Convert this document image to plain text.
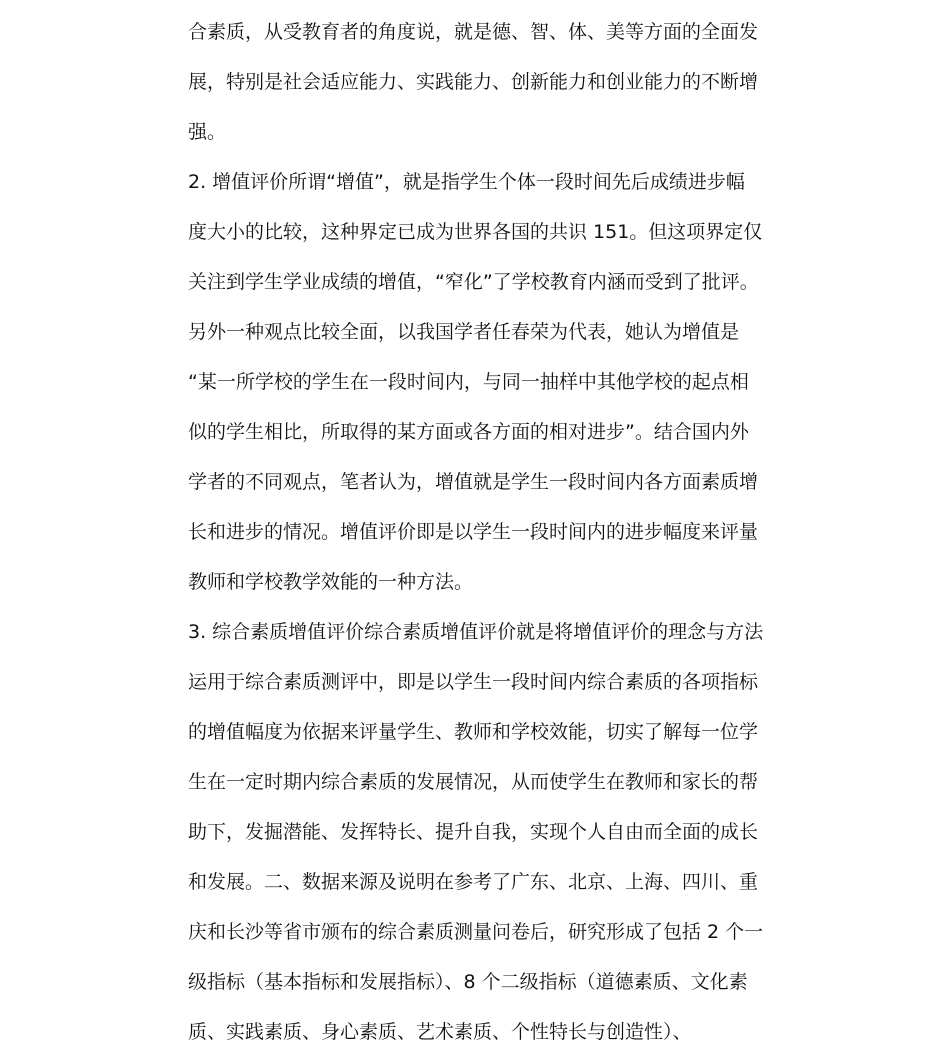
合素质，从受教育者的角度说，就是德、智、体、美等方面的全面发
展，特别是社会适应能力、实践能力、创新能力和创业能力的不断增
强。
2. 增值评价所谓“增值”，就是指学生个体一段时间先后成绩进步幅
度大小的比较，这种界定已成为世界各国的共识 151。但这项界定仅
关注到学生学业成绩的增值，“窄化”了学校教育内涵而受到了批评。
另外一种观点比较全面，以我国学者任春荣为代表，她认为增值是
“某一所学校的学生在一段时间内，与同一抽样中其他学校的起点相
似的学生相比，所取得的某方面或各方面的相对进步”。结合国内外
学者的不同观点，笔者认为，增值就是学生一段时间内各方面素质增
长和进步的情况。增值评价即是以学生一段时间内的进步幅度来评量
教师和学校教学效能的一种方法。
3. 综合素质增值评价综合素质增值评价就是将增值评价的理念与方法
运用于综合素质测评中，即是以学生一段时间内综合素质的各项指标
的增值幅度为依据来评量学生、教师和学校效能，切实了解每一位学
生在一定时期内综合素质的发展情况，从而使学生在教师和家长的帮
助下，发掘潜能、发挥特长、提升自我，实现个人自由而全面的成长
和发展。二、数据来源及说明在参考了广东、北京、上海、四川、重
庆和长沙等省市颁布的综合素质测量问卷后，研究形成了包括 2 个一
级指标（基本指标和发展指标）、8 个二级指标（道德素质、文化素
质、实践素质、身心素质、艺术素质、个性特长与创造性）、
